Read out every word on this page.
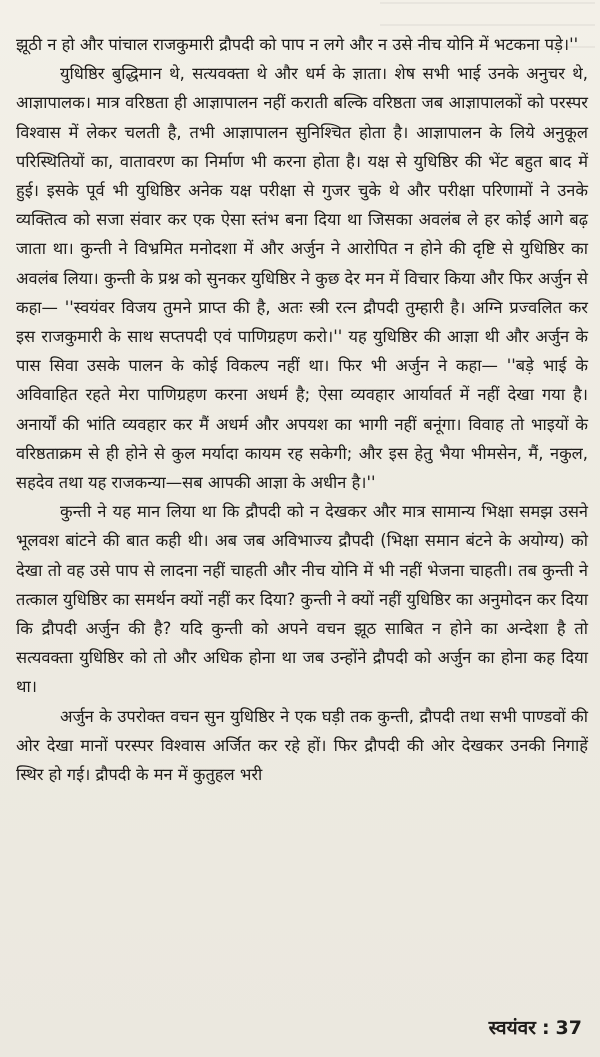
झूठी न हो और पांचाल राजकुमारी द्रौपदी को पाप न लगे और न उसे नीच योनि में भटकना पड़े।''

युधिष्ठिर बुद्धिमान थे, सत्यवक्ता थे और धर्म के ज्ञाता। शेष सभी भाई उनके अनुचर थे, आज्ञापालक। मात्र वरिष्ठता ही आज्ञापालन नहीं कराती बल्कि वरिष्ठता जब आज्ञापालकों को परस्पर विश्वास में लेकर चलती है, तभी आज्ञापालन सुनिश्चित होता है। आज्ञापालन के लिये अनुकूल परिस्थितियों का, वातावरण का निर्माण भी करना होता है। यक्ष से युधिष्ठिर की भेंट बहुत बाद में हुई। इसके पूर्व भी युधिष्ठिर अनेक यक्ष परीक्षा से गुजर चुके थे और परीक्षा परिणामों ने उनके व्यक्तित्व को सजा संवार कर एक ऐसा स्तंभ बना दिया था जिसका अवलंब ले हर कोई आगे बढ़ जाता था। कुन्ती ने विभ्रमित मनोदशा में और अर्जुन ने आरोपित न होने की दृष्टि से युधिष्ठिर का अवलंब लिया। कुन्ती के प्रश्न को सुनकर युधिष्ठिर ने कुछ देर मन में विचार किया और फिर अर्जुन से कहा— ''स्वयंवर विजय तुमने प्राप्त की है, अतः स्त्री रत्न द्रौपदी तुम्हारी है। अग्नि प्रज्वलित कर इस राजकुमारी के साथ सप्तपदी एवं पाणिग्रहण करो।'' यह युधिष्ठिर की आज्ञा थी और अर्जुन के पास सिवा उसके पालन के कोई विकल्प नहीं था। फिर भी अर्जुन ने कहा— ''बड़े भाई के अविवाहित रहते मेरा पाणिग्रहण करना अधर्म है; ऐसा व्यवहार आर्यावर्त में नहीं देखा गया है। अनार्यों की भांति व्यवहार कर मैं अधर्म और अपयश का भागी नहीं बनूंगा। विवाह तो भाइयों के वरिष्ठताक्रम से ही होने से कुल मर्यादा कायम रह सकेगी; और इस हेतु भैया भीमसेन, मैं, नकुल, सहदेव तथा यह राजकन्या—सब आपकी आज्ञा के अधीन है।''

कुन्ती ने यह मान लिया था कि द्रौपदी को न देखकर और मात्र सामान्य भिक्षा समझ उसने भूलवश बांटने की बात कही थी। अब जब अविभाज्य द्रौपदी (भिक्षा समान बंटने के अयोग्य) को देखा तो वह उसे पाप से लादना नहीं चाहती और नीच योनि में भी नहीं भेजना चाहती। तब कुन्ती ने तत्काल युधिष्ठिर का समर्थन क्यों नहीं कर दिया? कुन्ती ने क्यों नहीं युधिष्ठिर का अनुमोदन कर दिया कि द्रौपदी अर्जुन की है? यदि कुन्ती को अपने वचन झूठ साबित न होने का अन्देशा है तो सत्यवक्ता युधिष्ठिर को तो और अधिक होना था जब उन्होंने द्रौपदी को अर्जुन का होना कह दिया था।

अर्जुन के उपरोक्त वचन सुन युधिष्ठिर ने एक घड़ी तक कुन्ती, द्रौपदी तथा सभी पाण्डवों की ओर देखा मानों परस्पर विश्वास अर्जित कर रहे हों। फिर द्रौपदी की ओर देखकर उनकी निगाहें स्थिर हो गई। द्रौपदी के मन में कुतुहल भरी

स्वयंवर : 37
